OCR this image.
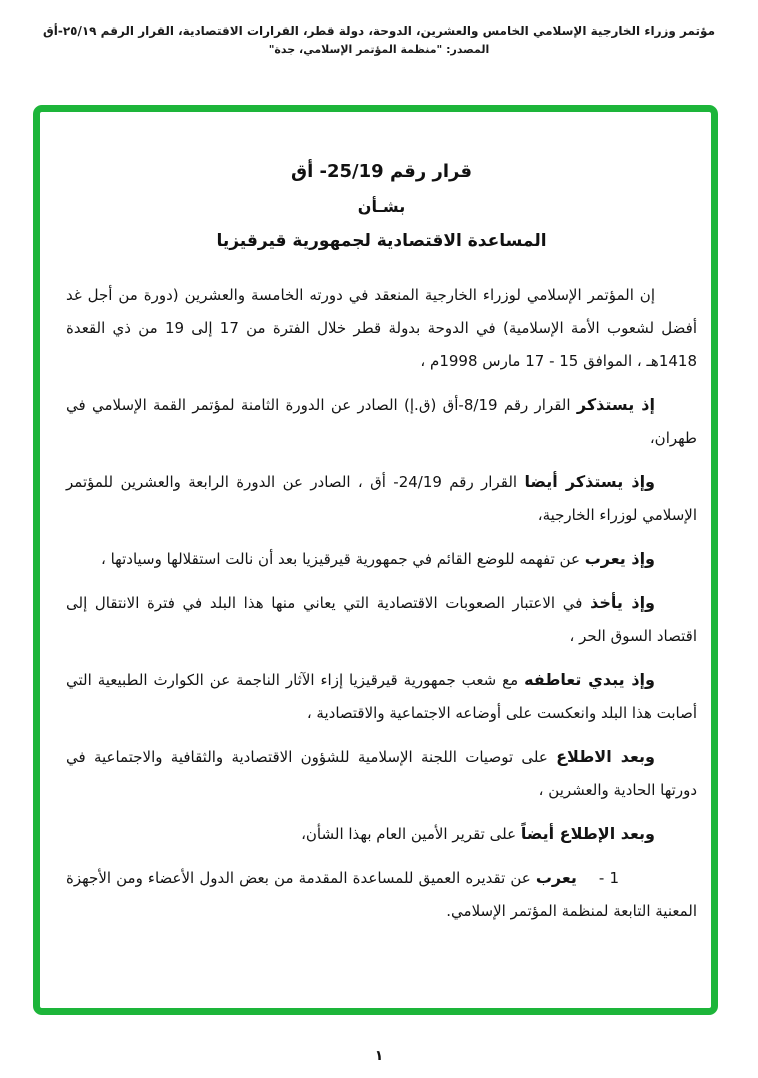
مؤتمر وزراء الخارجية الإسلامي الخامس والعشرين، الدوحة، دولة قطر، القرارات الاقتصادية، القرار الرقم ٢٥/١٩-أق
المصدر: "منظمة المؤتمر الإسلامي، جدة"
قرار رقم 25/19- أق
بشـأن
المساعدة الاقتصادية لجمهورية قيرقيزيا

إن المؤتمر الإسلامي لوزراء الخارجية المنعقد في دورته الخامسة والعشرين (دورة من أجل غد أفضل لشعوب الأمة الإسلامية) في الدوحة بدولة قطر خلال الفترة من 17 إلى 19 من ذي القعدة 1418هـ ، الموافق 15 - 17 مارس 1998م ،

إذ يستذكر القرار رقم 8/19-أق (ق.إ) الصادر عن الدورة الثامنة لمؤتمر القمة الإسلامي في طهران،

وإذ يستذكر أيضا القرار رقم 24/19- أق ، الصادر عن الدورة الرابعة والعشرين للمؤتمر الإسلامي لوزراء الخارجية،

وإذ يعرب عن تفهمه للوضع القائم في جمهورية قيرقيزيا بعد أن نالت استقلالها وسيادتها ،

وإذ يأخذ في الاعتبار الصعوبات الاقتصادية التي يعاني منها هذا البلد في فترة الانتقال إلى اقتصاد السوق الحر ،

وإذ يبدي تعاطفه مع شعب جمهورية قيرقيزيا إزاء الآثار الناجمة عن الكوارث الطبيعية التي أصابت هذا البلد وانعكست على أوضاعه الاجتماعية والاقتصادية ،

وبعد الاطلاع على توصيات اللجنة الإسلامية للشؤون الاقتصادية والثقافية والاجتماعية في دورتها الحادية والعشرين ،

وبعد الإطلاع أيضاً على تقرير الأمين العام بهذا الشأن،

1 -يعرب عن تقديره العميق للمساعدة المقدمة من بعض الدول الأعضاء ومن الأجهزة المعنية التابعة لمنظمة المؤتمر الإسلامي.

١
